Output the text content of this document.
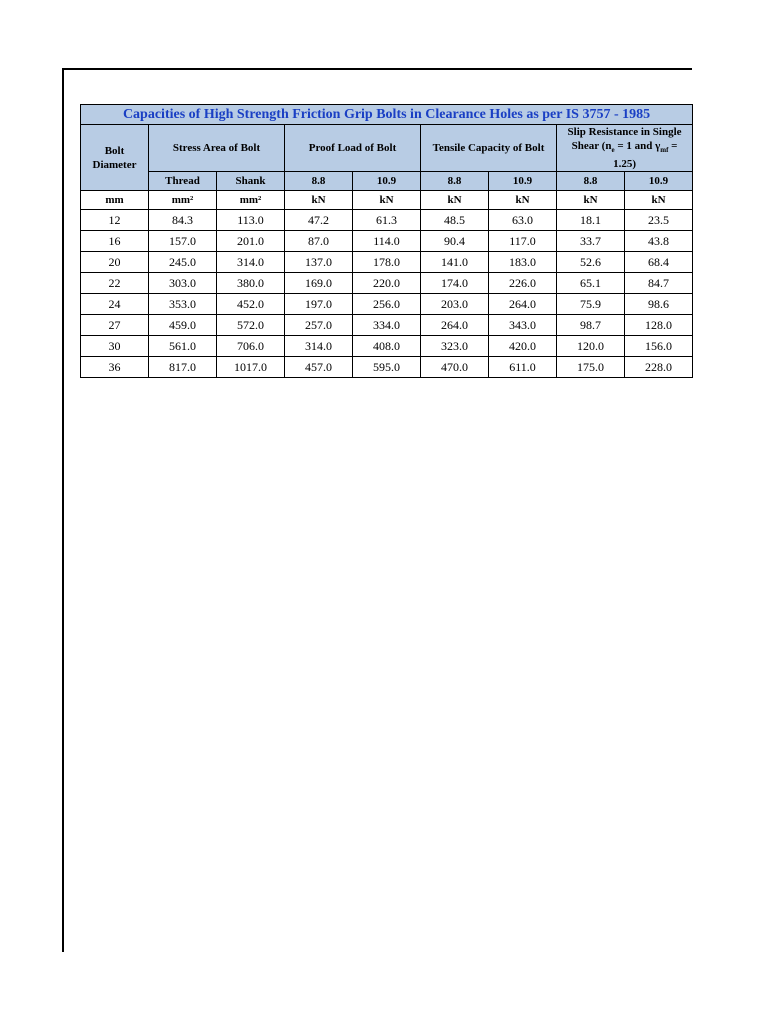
Capacities of High Strength Friction Grip Bolts in Clearance Holes as per IS 3757 - 1985								
Bolt Diameter	Stress Area of Bolt		Proof Load of Bolt		Tensile Capacity of Bolt		Slip Resistance in Single Shear ($n_e = 1$ and $\gamma_{mf} = 1.25$)	
	Thread	Shank	8.8	10.9	8.8	10.9	8.8	10.9
mm	mm²	mm²	kN	kN	kN	kN	kN	kN
12	84.3	113.0	47.2	61.3	48.5	63.0	18.1	23.5
16	157.0	201.0	87.0	114.0	90.4	117.0	33.7	43.8
20	245.0	314.0	137.0	178.0	141.0	183.0	52.6	68.4
22	303.0	380.0	169.0	220.0	174.0	226.0	65.1	84.7
24	353.0	452.0	197.0	256.0	203.0	264.0	75.9	98.6
27	459.0	572.0	257.0	334.0	264.0	343.0	98.7	128.0
30	561.0	706.0	314.0	408.0	323.0	420.0	120.0	156.0
36	817.0	1017.0	457.0	595.0	470.0	611.0	175.0	228.0
